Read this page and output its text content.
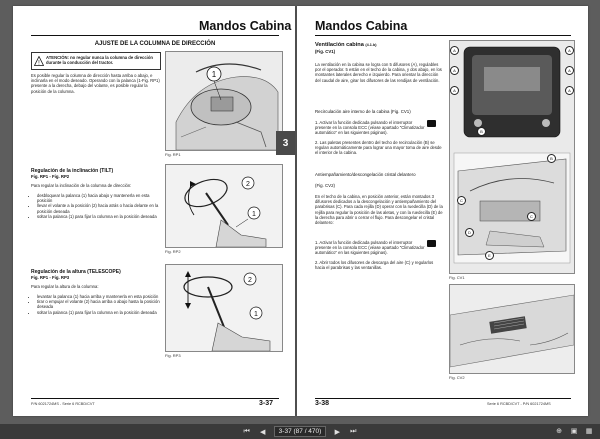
Mandos Cabina
AJUSTE DE LA COLUMNA DE DIRECCIÓN
!
ATENCIÓN: no regular nunca la columna de dirección durante la conducción del tractor.
Es posible regular la columna de dirección hasta arriba o abajo, e inclinarla en el modo deseado. Operando con la palanca (1-Fig. RP1) presente a la derecha, debajo del volante, es posible regular la posición de la columna.
1
Fig. RP1
Regulación de la inclinación (TILT)
Fig. RP1 - Fig. RP2
Para regular la inclinación de la columna de dirección:
• desbloquear la palanca (1) hacia abajo y mantenerla en esta posición
• llevar el volante a la posición (2) hacia atrás o hacia delante en la posición deseada
• soltar la palanca (1) para fijar la columna en la posición deseada
2
1
Fig. RP2
Regulación de la altura (TELESCOPE)
Fig. RP1 - Fig. RP3
Para regular la altura de la columna:
• levantar la palanca (1) hacia arriba y mantenerla en esta posición
• tirar o empujar el volante (2) hacia arriba o abajo hasta la posición deseada
• soltar la palanca (1) para fijar la columna en la posición deseada
2
1
Fig. RP3
P/N 6021724MS - Serie 6 RCBD/CVT	3-37
3
Mandos Cabina
Ventilación cabina (4.1.b)
(Fig. CV1)
La ventilación en la cabina se logra con 5 difusores (A), regulables por el operador. 5 están en el techo de la cabina, y dos abajo, en los montantes laterales derecho e izquierdo. Para orientar la dirección del caudal de aire, girar los difusores de las rendijas de ventilación.
Recirculación aire interno de la cabina (Fig. CV1)
1. Activar la función dedicada pulsando el interruptor presente en la consola ECC (véase apartado "Climatizador automático" en las siguientes páginas).
2. Las paletas presentes dentro del techo de recirculación (B) se regulan automáticamente para lograr una mayor toma de aire desde el interior de la cabina.
Antiempañamiento/descongelación cristal delantero
(Fig. CV2)
En el techo de la cabina, en posición anterior, están montados 3 difusores dedicados a la descongelación y antiempañamiento del parabrisas (C). Para cada rejilla (D) operar con la ruedecilla (D) de la rejilla para regular la posición de las aletas, y con la ruedecilla (E) de la derecha para abrir o cerrar el flujo. Para descongelar el cristal delantero:
1. Activar la función dedicada pulsando el interruptor presente en la consola ECC (véase apartado "Climatizador automático" en las siguientes páginas).
2. Abrir todos los difusores de descarga del aire (C) y regularlos hacia el parabrisas y las ventanillas.
A
A
A
A
A
A
B
B
C
C
D
E
Fig. CV1
Fig. CV2
3-38	Serie 6 RCBD/CVT - P/N 6021724MS
⏮	◀	3-37 (87 / 470)	▶	⏭	⊕ ▣ ▦
